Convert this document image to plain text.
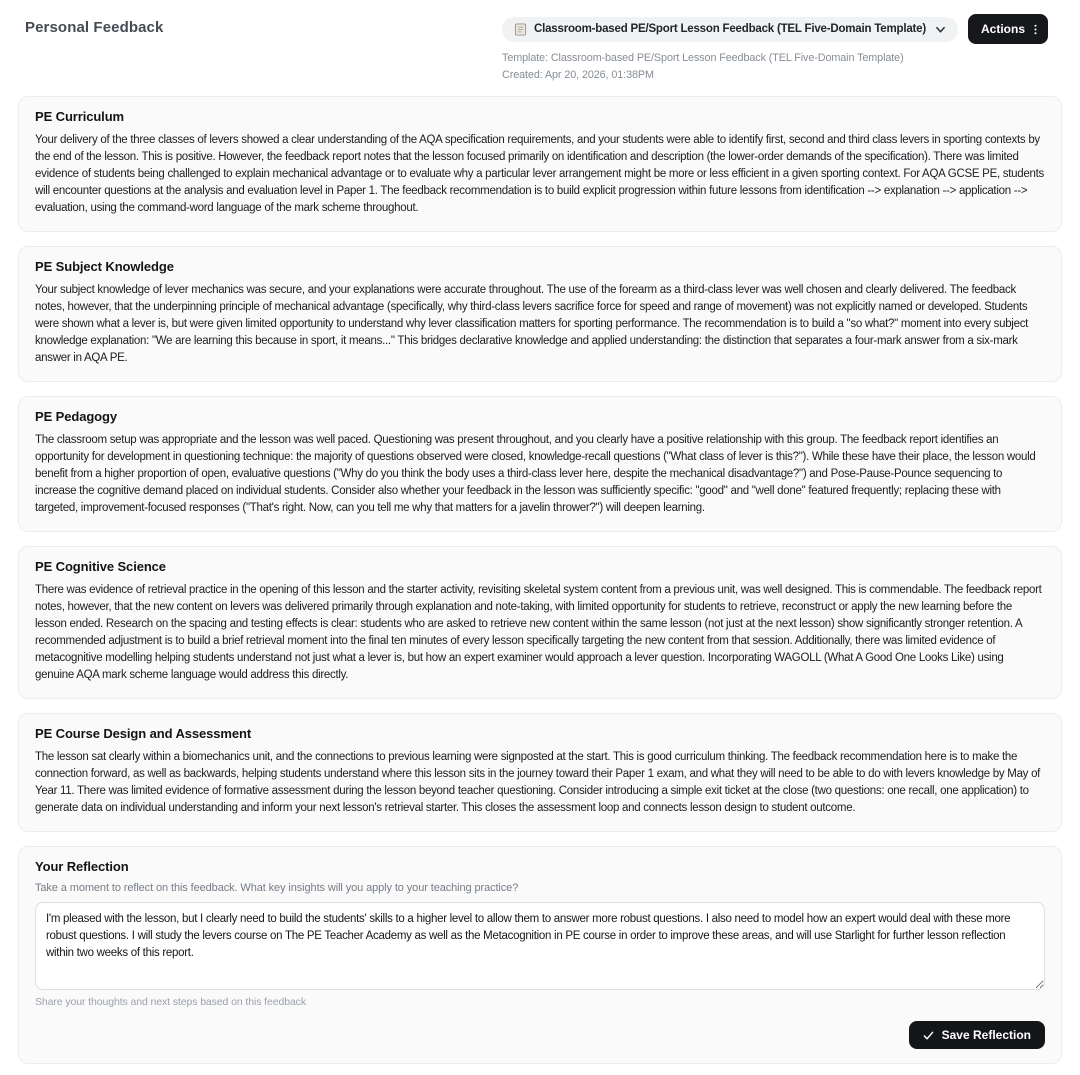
Personal Feedback	Classroom-based PE/Sport Lesson Feedback (TEL Five-Domain Template)	Actions
Template: Classroom-based PE/Sport Lesson Feedback (TEL Five-Domain Template)
Created: Apr 20, 2026, 01:38PM
PE Curriculum
Your delivery of the three classes of levers showed a clear understanding of the AQA specification requirements, and your students were able to identify first, second and third class levers in sporting contexts by the end of the lesson. This is positive. However, the feedback report notes that the lesson focused primarily on identification and description (the lower-order demands of the specification). There was limited evidence of students being challenged to explain mechanical advantage or to evaluate why a particular lever arrangement might be more or less efficient in a given sporting context. For AQA GCSE PE, students will encounter questions at the analysis and evaluation level in Paper 1. The feedback recommendation is to build explicit progression within future lessons from identification --> explanation --> application --> evaluation, using the command-word language of the mark scheme throughout.
PE Subject Knowledge
Your subject knowledge of lever mechanics was secure, and your explanations were accurate throughout. The use of the forearm as a third-class lever was well chosen and clearly delivered. The feedback notes, however, that the underpinning principle of mechanical advantage (specifically, why third-class levers sacrifice force for speed and range of movement) was not explicitly named or developed. Students were shown what a lever is, but were given limited opportunity to understand why lever classification matters for sporting performance. The recommendation is to build a "so what?" moment into every subject knowledge explanation: "We are learning this because in sport, it means..." This bridges declarative knowledge and applied understanding: the distinction that separates a four-mark answer from a six-mark answer in AQA PE.
PE Pedagogy
The classroom setup was appropriate and the lesson was well paced. Questioning was present throughout, and you clearly have a positive relationship with this group. The feedback report identifies an opportunity for development in questioning technique: the majority of questions observed were closed, knowledge-recall questions ("What class of lever is this?"). While these have their place, the lesson would benefit from a higher proportion of open, evaluative questions ("Why do you think the body uses a third-class lever here, despite the mechanical disadvantage?") and Pose-Pause-Pounce sequencing to increase the cognitive demand placed on individual students. Consider also whether your feedback in the lesson was sufficiently specific: "good" and "well done" featured frequently; replacing these with targeted, improvement-focused responses ("That's right. Now, can you tell me why that matters for a javelin thrower?") will deepen learning.
PE Cognitive Science
There was evidence of retrieval practice in the opening of this lesson and the starter activity, revisiting skeletal system content from a previous unit, was well designed. This is commendable. The feedback report notes, however, that the new content on levers was delivered primarily through explanation and note-taking, with limited opportunity for students to retrieve, reconstruct or apply the new learning before the lesson ended. Research on the spacing and testing effects is clear: students who are asked to retrieve new content within the same lesson (not just at the next lesson) show significantly stronger retention. A recommended adjustment is to build a brief retrieval moment into the final ten minutes of every lesson specifically targeting the new content from that session. Additionally, there was limited evidence of metacognitive modelling helping students understand not just what a lever is, but how an expert examiner would approach a lever question. Incorporating WAGOLL (What A Good One Looks Like) using genuine AQA mark scheme language would address this directly.
PE Course Design and Assessment
The lesson sat clearly within a biomechanics unit, and the connections to previous learning were signposted at the start. This is good curriculum thinking. The feedback recommendation here is to make the connection forward, as well as backwards, helping students understand where this lesson sits in the journey toward their Paper 1 exam, and what they will need to be able to do with levers knowledge by May of Year 11. There was limited evidence of formative assessment during the lesson beyond teacher questioning. Consider introducing a simple exit ticket at the close (two questions: one recall, one application) to generate data on individual understanding and inform your next lesson's retrieval starter. This closes the assessment loop and connects lesson design to student outcome.
Your Reflection
Take a moment to reflect on this feedback. What key insights will you apply to your teaching practice?
I'm pleased with the lesson, but I clearly need to build the students' skills to a higher level to allow them to answer more robust questions. I also need to model how an expert would deal with these more robust questions. I will study the levers course on The PE Teacher Academy as well as the Metacognition in PE course in order to improve these areas, and will use Starlight for further lesson reflection within two weeks of this report.
Share your thoughts and next steps based on this feedback
Save Reflection
